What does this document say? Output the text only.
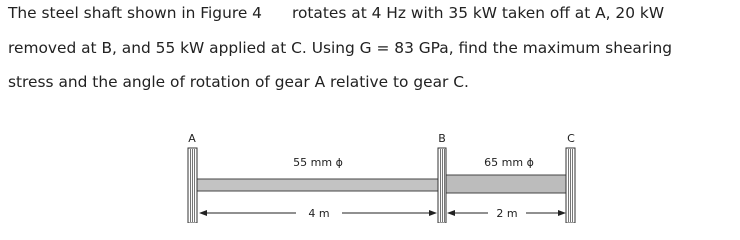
The steel shaft shown in Figure 4 rotates at 4 Hz with 35 kW taken off at A, 20 kW
removed at B, and 55 kW applied at C. Using G = 83 GPa, find the maximum shearing
stress and the angle of rotation of gear A relative to gear C.
A	B	C
55 mm ϕ	65 mm ϕ
4 m	2 m
